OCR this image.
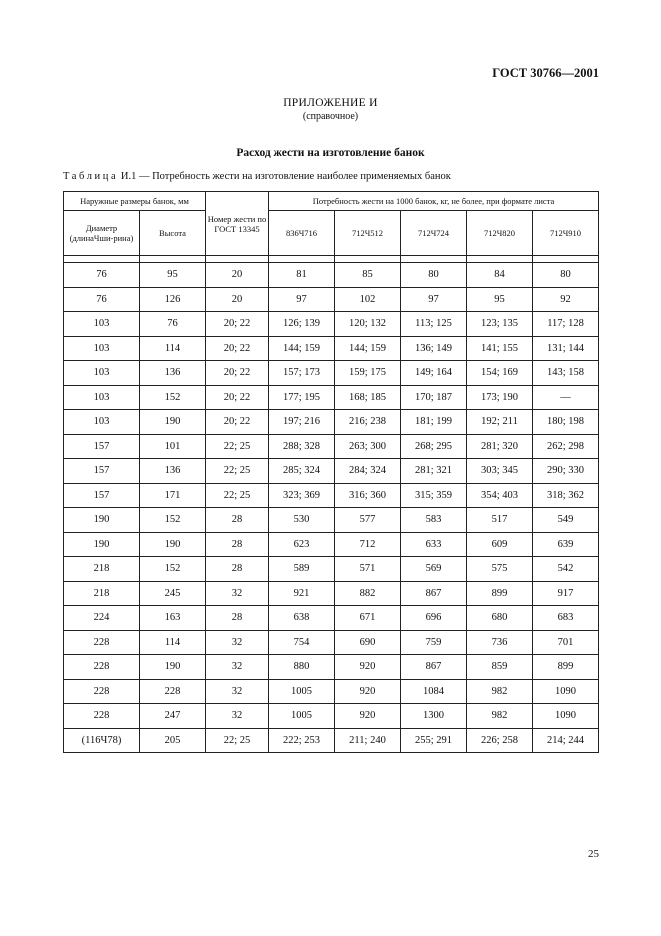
ГОСТ 30766—2001
ПРИЛОЖЕНИЕ И
(справочное)
Расход жести на изготовление банок
Таблица И.1 — Потребность жести на изготовление наиболее применяемых банок
Наружные размеры банок, мм		Номер жести по ГОСТ 13345	Потребность жести на 1000 банок, кг, не более, при формате листа				
Диаметр (длинаЧши-рина)	Высота		836Ч716	712Ч512	712Ч724	712Ч820	712Ч910

76	95	20	81	85	80	84	80
76	126	20	97	102	97	95	92
103	76	20; 22	126; 139	120; 132	113; 125	123; 135	117; 128
103	114	20; 22	144; 159	144; 159	136; 149	141; 155	131; 144
103	136	20; 22	157; 173	159; 175	149; 164	154; 169	143; 158
103	152	20; 22	177; 195	168; 185	170; 187	173; 190	—
103	190	20; 22	197; 216	216; 238	181; 199	192; 211	180; 198
157	101	22; 25	288; 328	263; 300	268; 295	281; 320	262; 298
157	136	22; 25	285; 324	284; 324	281; 321	303; 345	290; 330
157	171	22; 25	323; 369	316; 360	315; 359	354; 403	318; 362
190	152	28	530	577	583	517	549
190	190	28	623	712	633	609	639
218	152	28	589	571	569	575	542
218	245	32	921	882	867	899	917
224	163	28	638	671	696	680	683
228	114	32	754	690	759	736	701
228	190	32	880	920	867	859	899
228	228	32	1005	920	1084	982	1090
228	247	32	1005	920	1300	982	1090
(116Ч78)	205	22; 25	222; 253	211; 240	255; 291	226; 258	214; 244
25
